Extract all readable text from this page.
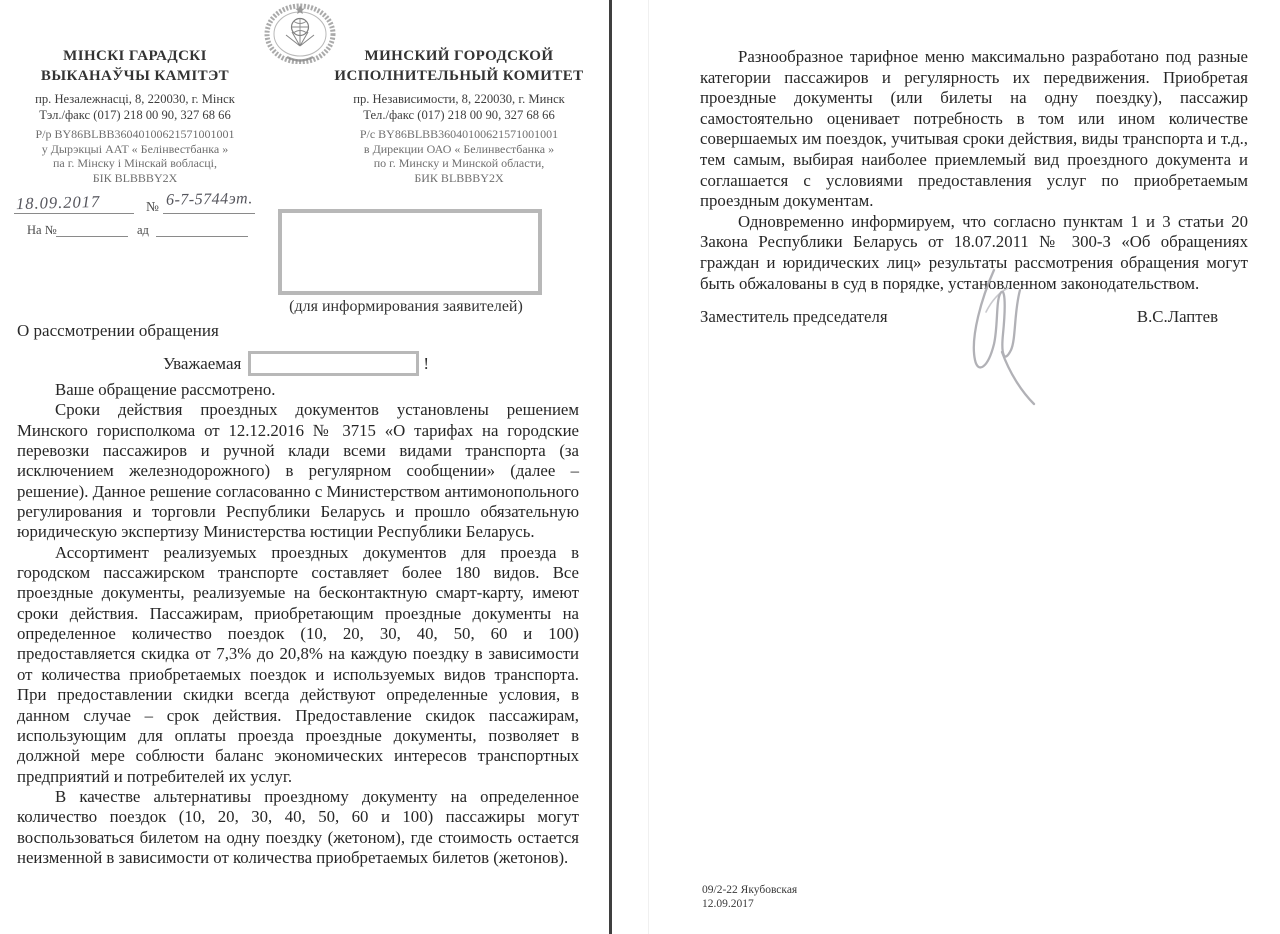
МІНСКІ ГАРАДСКІ
ВЫКАНАЎЧЫ КАМІТЭТ
пр. Незалежнасці, 8, 220030, г. Мінск
Тэл./факс (017) 218 00 90, 327 68 66
Р/р BY86BLBB36040100621571001001
у Дырэкцыі ААТ « Белінвестбанка »
па г. Мінску і Мінскай вобласці,
БІК BLBBBY2X
МИНСКИЙ ГОРОДСКОЙ
ИСПОЛНИТЕЛЬНЫЙ КОМИТЕТ
пр. Независимости, 8, 220030, г. Минск
Тел./факс (017) 218 00 90, 327 68 66
Р/с BY86BLBB36040100621571001001
в Дирекции ОАО « Белинвестбанка »
по г. Минску и Минской области,
БИК BLBBBY2X
18.09.2017	№ 6-7-5744эт.
На №	ад
(для информирования заявителей)
О рассмотрении обращения
Уважаемая	!

Ваше обращение рассмотрено.

Сроки действия проездных документов установлены решением Минского горисполкома от 12.12.2016 № 3715 «О тарифах на городские перевозки пассажиров и ручной клади всеми видами транспорта (за исключением железнодорожного) в регулярном сообщении» (далее – решение). Данное решение согласованно с Министерством антимонопольного регулирования и торговли Республики Беларусь и прошло обязательную юридическую экспертизу Министерства юстиции Республики Беларусь.

Ассортимент реализуемых проездных документов для проезда в городском пассажирском транспорте составляет более 180 видов. Все проездные документы, реализуемые на бесконтактную смарт-карту, имеют сроки действия. Пассажирам, приобретающим проездные документы на определенное количество поездок (10, 20, 30, 40, 50, 60 и 100) предоставляется скидка от 7,3% до 20,8% на каждую поездку в зависимости от количества приобретаемых поездок и используемых видов транспорта. При предоставлении скидки всегда действуют определенные условия, в данном случае – срок действия. Предоставление скидок пассажирам, использующим для оплаты проезда проездные документы, позволяет в должной мере соблюсти баланс экономических интересов транспортных предприятий и потребителей их услуг.

В качестве альтернативы проездному документу на определенное количество поездок (10, 20, 30, 40, 50, 60 и 100) пассажиры могут воспользоваться билетом на одну поездку (жетоном), где стоимость остается неизменной в зависимости от количества приобретаемых билетов (жетонов).

Разнообразное тарифное меню максимально разработано под разные категории пассажиров и регулярность их передвижения. Приобретая проездные документы (или билеты на одну поездку), пассажир самостоятельно оценивает потребность в том или ином количестве совершаемых им поездок, учитывая сроки действия, виды транспорта и т.д., тем самым, выбирая наиболее приемлемый вид проездного документа и соглашается с условиями предоставления услуг по приобретаемым проездным документам.

Одновременно информируем, что согласно пунктам 1 и 3 статьи 20 Закона Республики Беларусь от 18.07.2011 № 300-З «Об обращениях граждан и юридических лиц» результаты рассмотрения обращения могут быть обжалованы в суд в порядке, установленном законодательством.

Заместитель председателя	В.С.Лаптев
09/2-22 Якубовская
12.09.2017
